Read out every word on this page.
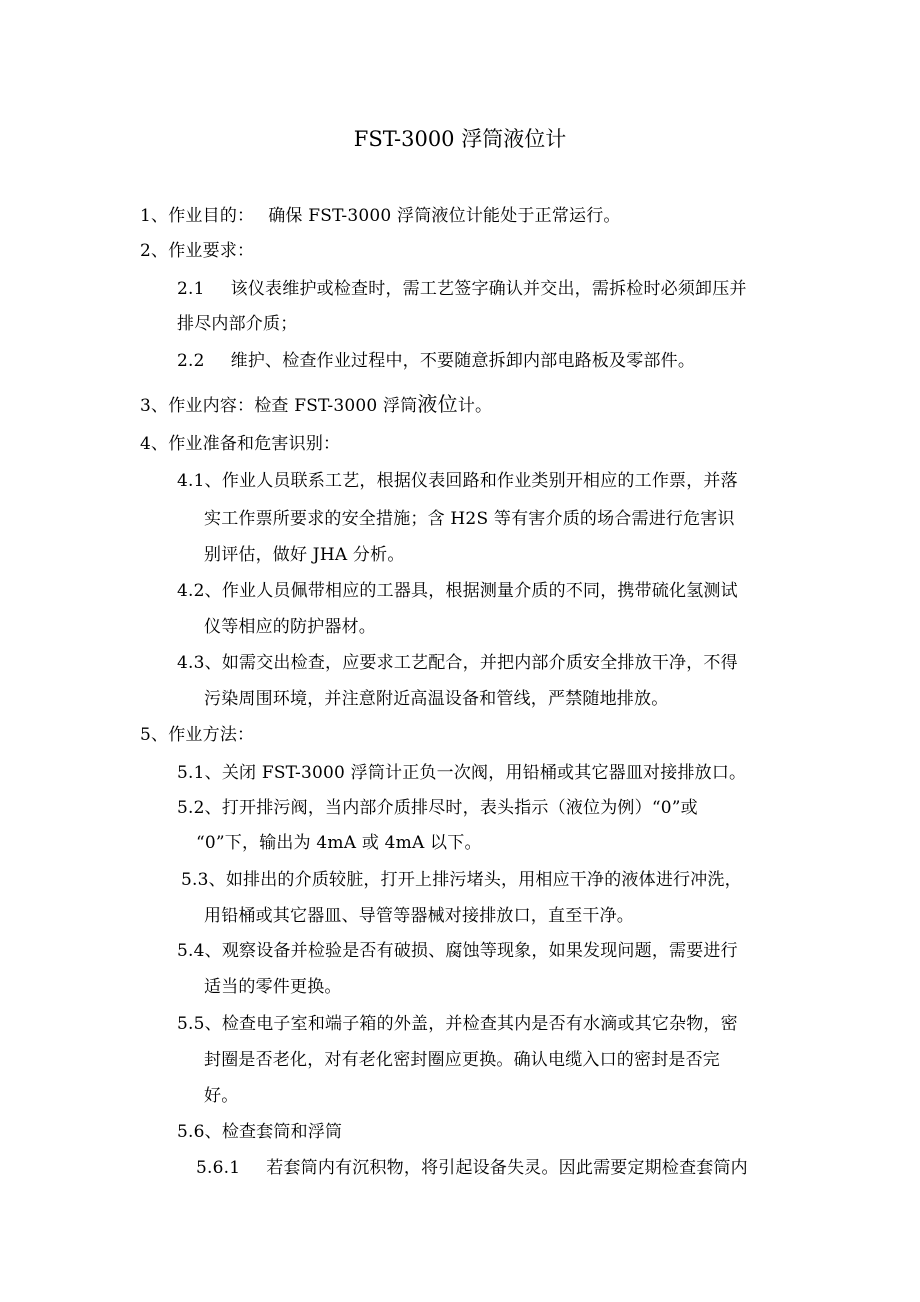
FST-3000 浮筒液位计
1、作业目的： 确保 FST-3000 浮筒液位计能处于正常运行。
2、作业要求：
2.1 该仪表维护或检查时，需工艺签字确认并交出，需拆检时必须卸压并
排尽内部介质；
2.2 维护、检查作业过程中，不要随意拆卸内部电路板及零部件。
3、作业内容：检查 FST-3000 浮筒液位计。
4、作业准备和危害识别：
4.1、作业人员联系工艺，根据仪表回路和作业类别开相应的工作票，并落
实工作票所要求的安全措施；含 H2S 等有害介质的场合需进行危害识
别评估，做好 JHA 分析。
4.2、作业人员佩带相应的工器具，根据测量介质的不同，携带硫化氢测试
仪等相应的防护器材。
4.3、如需交出检查，应要求工艺配合，并把内部介质安全排放干净，不得
污染周围环境，并注意附近高温设备和管线，严禁随地排放。
5、作业方法：
5.1、关闭 FST-3000 浮筒计正负一次阀，用铅桶或其它器皿对接排放口。
5.2、打开排污阀，当内部介质排尽时，表头指示（液位为例）“0”或
“0”下，输出为 4mA 或 4mA 以下。
5.3、如排出的介质较脏，打开上排污堵头，用相应干净的液体进行冲洗，
用铅桶或其它器皿、导管等器械对接排放口，直至干净。
5.4、观察设备并检验是否有破损、腐蚀等现象，如果发现问题，需要进行
适当的零件更换。
5.5、检查电子室和端子箱的外盖，并检查其内是否有水滴或其它杂物，密
封圈是否老化，对有老化密封圈应更换。确认电缆入口的密封是否完
好。
5.6、检查套筒和浮筒
5.6.1 若套筒内有沉积物，将引起设备失灵。因此需要定期检查套筒内
